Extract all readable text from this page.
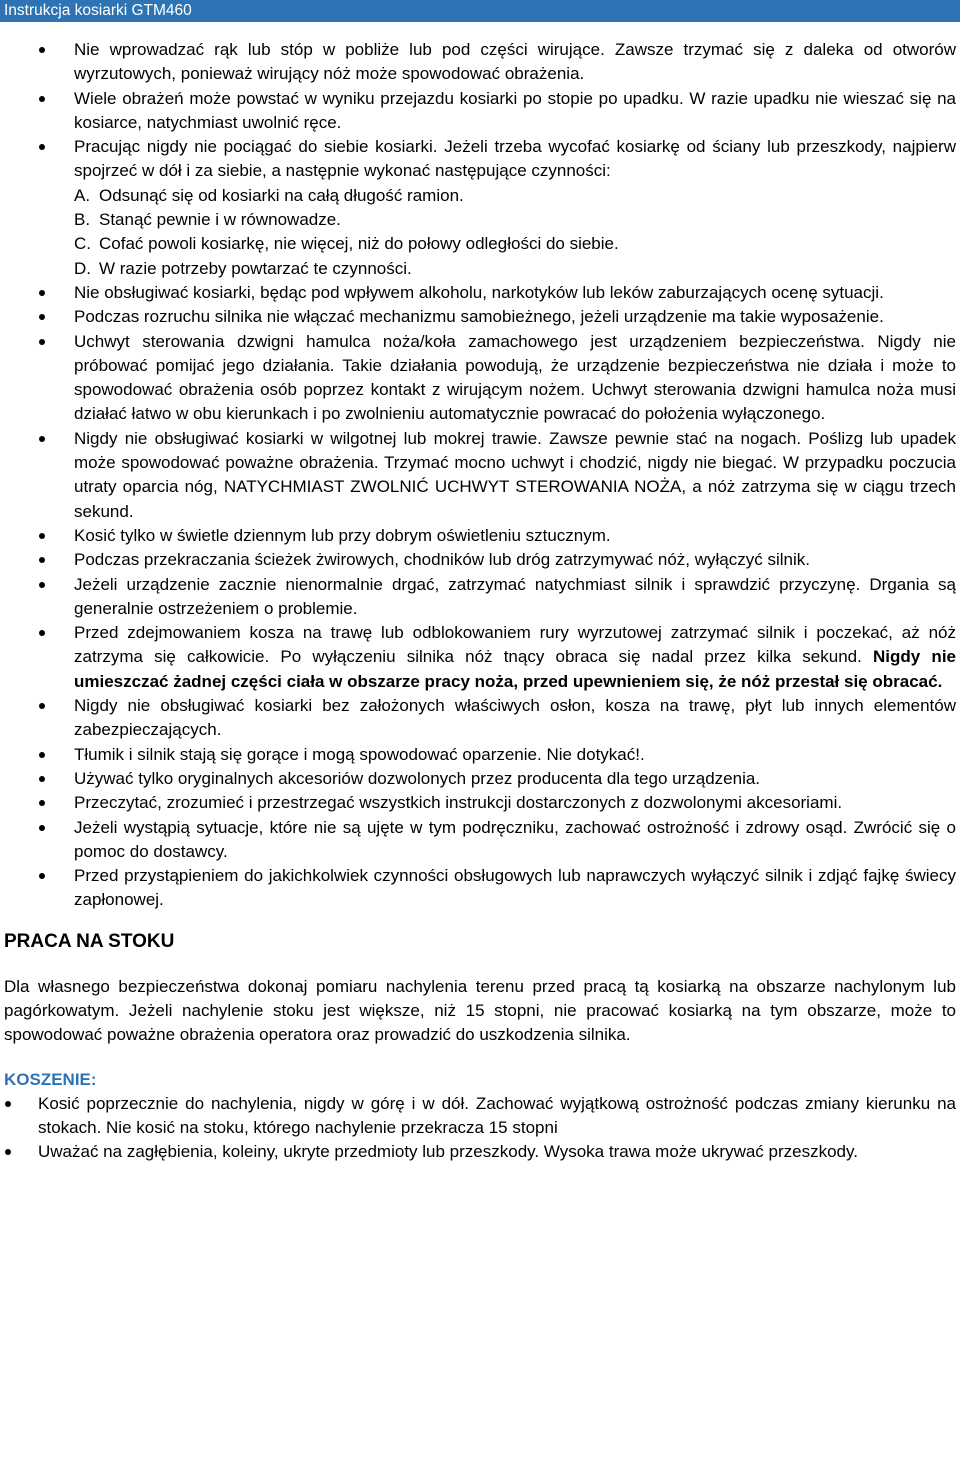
Instrukcja kosiarki GTM460
Nie wprowadzać rąk lub stóp w pobliże lub pod części wirujące. Zawsze trzymać się z daleka od otworów wyrzutowych, ponieważ wirujący nóż może spowodować obrażenia.
Wiele obrażeń może powstać w wyniku przejazdu kosiarki po stopie po upadku. W razie upadku nie wieszać się na kosiarce, natychmiast uwolnić ręce.
Pracując nigdy nie pociągać do siebie kosiarki. Jeżeli trzeba wycofać kosiarkę od ściany lub przeszkody, najpierw spojrzeć w dół i za siebie, a następnie wykonać następujące czynności:
A. Odsunąć się od kosiarki na całą długość ramion.
B. Stanąć pewnie i w równowadze.
C. Cofać powoli kosiarkę, nie więcej, niż do połowy odległości do siebie.
D. W razie potrzeby powtarzać te czynności.
Nie obsługiwać kosiarki, będąc pod wpływem alkoholu, narkotyków lub leków zaburzających ocenę sytuacji.
Podczas rozruchu silnika nie włączać mechanizmu samobieżnego, jeżeli urządzenie ma takie wyposażenie.
Uchwyt sterowania dzwigni hamulca noża/koła zamachowego jest urządzeniem bezpieczeństwa. Nigdy nie próbować pomijać jego działania. Takie działania powodują, że urządzenie bezpieczeństwa nie działa i może to spowodować obrażenia osób poprzez kontakt z wirującym nożem. Uchwyt sterowania dzwigni hamulca noża musi działać łatwo w obu kierunkach i po zwolnieniu automatycznie powracać do położenia wyłączonego.
Nigdy nie obsługiwać kosiarki w wilgotnej lub mokrej trawie. Zawsze pewnie stać na nogach. Poślizg lub upadek może spowodować poważne obrażenia. Trzymać mocno uchwyt i chodzić, nigdy nie biegać. W przypadku poczucia utraty oparcia nóg, NATYCHMIAST ZWOLNIĆ UCHWYT STEROWANIA NOŻA, a nóż zatrzyma się w ciągu trzech sekund.
Kosić tylko w świetle dziennym lub przy dobrym oświetleniu sztucznym.
Podczas przekraczania ścieżek żwirowych, chodników lub dróg zatrzymywać nóż, wyłączyć silnik.
Jeżeli urządzenie zacznie nienormalnie drgać, zatrzymać natychmiast silnik i sprawdzić przyczynę. Drgania są generalnie ostrzeżeniem o problemie.
Przed zdejmowaniem kosza na trawę lub odblokowaniem rury wyrzutowej zatrzymać silnik i poczekać, aż nóż zatrzyma się całkowicie. Po wyłączeniu silnika nóż tnący obraca się nadal przez kilka sekund. Nigdy nie umieszczać żadnej części ciała w obszarze pracy noża, przed upewnieniem się, że nóż przestał się obracać.
Nigdy nie obsługiwać kosiarki bez założonych właściwych osłon, kosza na trawę, płyt lub innych elementów zabezpieczających.
Tłumik i silnik stają się gorące i mogą spowodować oparzenie. Nie dotykać!.
Używać tylko oryginalnych akcesoriów dozwolonych przez producenta dla tego urządzenia.
Przeczytać, zrozumieć i przestrzegać wszystkich instrukcji dostarczonych z dozwolonymi akcesoriami.
Jeżeli wystąpią sytuacje, które nie są ujęte w tym podręczniku, zachować ostrożność i zdrowy osąd. Zwrócić się o pomoc do dostawcy.
Przed przystąpieniem do jakichkolwiek czynności obsługowych lub naprawczych wyłączyć silnik i zdjąć fajkę świecy zapłonowej.
PRACA NA STOKU

Dla własnego bezpieczeństwa dokonaj pomiaru nachylenia terenu przed pracą tą kosiarką na obszarze nachylonym lub pagórkowatym. Jeżeli nachylenie stoku jest większe, niż 15 stopni, nie pracować kosiarką na tym obszarze, może to spowodować poważne obrażenia operatora oraz prowadzić do uszkodzenia silnika.

KOSZENIE:
Kosić poprzecznie do nachylenia, nigdy w górę i w dół. Zachować wyjątkową ostrożność podczas zmiany kierunku na stokach. Nie kosić na stoku, którego nachylenie przekracza 15 stopni
Uważać na zagłębienia, koleiny, ukryte przedmioty lub przeszkody. Wysoka trawa może ukrywać przeszkody.
